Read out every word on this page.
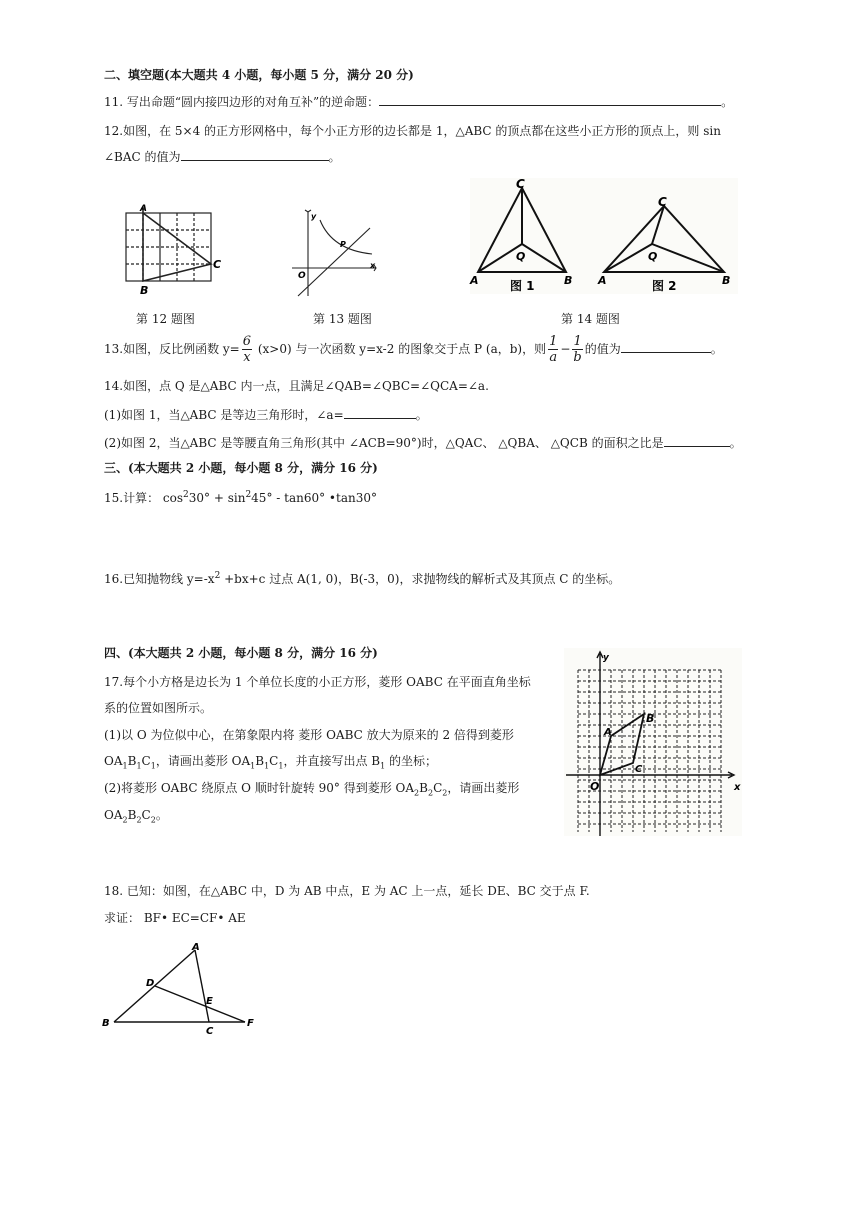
二、填空题(本大题共 4 小题，每小题 5 分，满分 20 分)
11. 写出命题“圆内接四边形的对角互补”的逆命题：	。
12.如图，在 5×4 的正方形网格中，每个小正方形的边长都是 1，△ABC 的顶点都在这些小正方形的顶点上，则 sin
∠BAC 的值为	。
A
B
C
第 12 题图
y
x
O
P
第 13 题图
C
A	B
Q
图 1
C
A	B
Q
图 2
第 14 题图
13.如图，反比例函数 $y= \frac{6}{x} (x>0)$ 与一次函数 y=x-2 的图象交于点 P (a，b)，则 $\frac{1}{a} - \frac{1}{b}$ 的值为	。
14.如图，点 Q 是△ABC 内一点，且满足∠QAB=∠QBC=∠QCA=∠a.
(1)如图 1，当△ABC 是等边三角形时，∠a=	。
(2)如图 2，当△ABC 是等腰直角三角形(其中 ∠ACB=90°)时，△QAC、 △QBA、 △QCB 的面积之比是	。
三、(本大题共 2 小题，每小题 8 分，满分 16 分)
15.计算： $\cos^230^\circ + \sin^245^\circ - \tan 60^\circ$ •tan30°
16.已知抛物线 $y=-x^2 +bx+c$ 过点 A(1, 0)，B(-3，0)，求抛物线的解析式及其顶点 C 的坐标。
四、(本大题共 2 小题，每小题 8 分，满分 16 分)
17.每个小方格是边长为 1 个单位长度的小正方形，菱形 OABC 在平面直角坐标
系的位置如图所示。
(1)以 O 为位似中心，在第象限内将 菱形 OABC 放大为原来的 2 倍得到菱形
$OA_1B_1C_1$，请画出菱形 $OA_1B_1C_1$，并直接写出点 $B_1$ 的坐标；
(2)将菱形 OABC 绕原点 O 顺时针旋转 90° 得到菱形 $OA_2B_2C_2$，请画出菱形
$OA_2B_2C_2$。
y
x
O
A
B
C
18. 已知：如图，在△ABC 中，D 为 AB 中点，E 为 AC 上一点，延长 DE、BC 交于点 F.
求证： BF• EC=CF• AE
A
B
C
D
E
F
